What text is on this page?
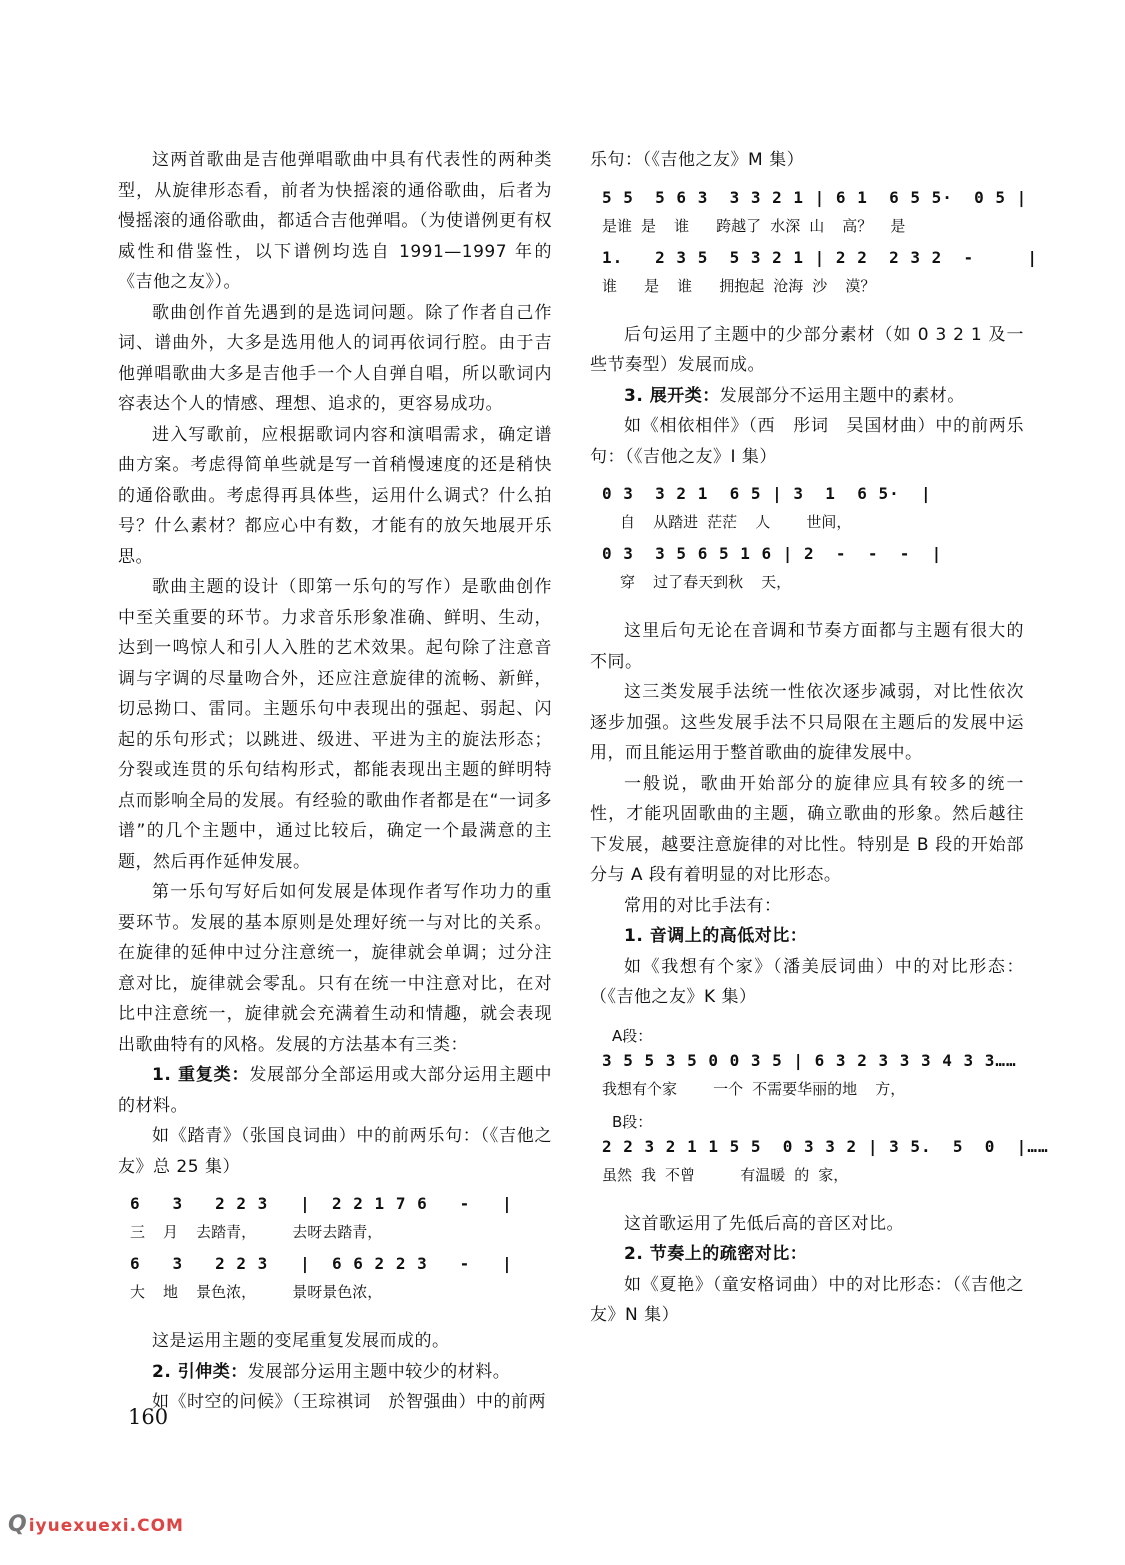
这两首歌曲是吉他弹唱歌曲中具有代表性的两种类型，从旋律形态看，前者为快摇滚的通俗歌曲，后者为慢摇滚的通俗歌曲，都适合吉他弹唱。（为使谱例更有权威性和借鉴性，以下谱例均选自 1991—1997 年的《吉他之友》）。

歌曲创作首先遇到的是选词问题。除了作者自己作词、谱曲外，大多是选用他人的词再依词行腔。由于吉他弹唱歌曲大多是吉他手一个人自弹自唱，所以歌词内容表达个人的情感、理想、追求的，更容易成功。

进入写歌前，应根据歌词内容和演唱需求，确定谱曲方案。考虑得简单些就是写一首稍慢速度的还是稍快的通俗歌曲。考虑得再具体些，运用什么调式？什么拍号？什么素材？都应心中有数，才能有的放矢地展开乐思。

歌曲主题的设计（即第一乐句的写作）是歌曲创作中至关重要的环节。力求音乐形象准确、鲜明、生动，达到一鸣惊人和引人入胜的艺术效果。起句除了注意音调与字调的尽量吻合外，还应注意旋律的流畅、新鲜，切忌拗口、雷同。主题乐句中表现出的强起、弱起、闪起的乐句形式；以跳进、级进、平进为主的旋法形态；分裂或连贯的乐句结构形式，都能表现出主题的鲜明特点而影响全局的发展。有经验的歌曲作者都是在“一词多谱”的几个主题中，通过比较后，确定一个最满意的主题，然后再作延伸发展。

第一乐句写好后如何发展是体现作者写作功力的重要环节。发展的基本原则是处理好统一与对比的关系。在旋律的延伸中过分注意统一，旋律就会单调；过分注意对比，旋律就会零乱。只有在统一中注意对比，在对比中注意统一，旋律就会充满着生动和情趣，就会表现出歌曲特有的风格。发展的方法基本有三类：

1. 重复类：发展部分全部运用或大部分运用主题中的材料。

如《踏青》（张国良词曲）中的前两乐句：（《吉他之友》总 25 集）

6   3   2 2 3   |  2 2 1 7 6   -   |
三  月  去踏青，    去呀去踏青，
6   3   2 2 3   |  6 6 2 2 3   -   |
大  地  景色浓，    景呀景色浓，

这是运用主题的变尾重复发展而成的。

2. 引伸类：发展部分运用主题中较少的材料。

如《时空的问候》（王琮祺词　於智强曲）中的前两

乐句：（《吉他之友》M 集）

5 5  5 6 3  3 3 2 1 | 6 1  6 5 5·  0 5 |
是谁 是  谁   跨越了 水深 山  高？  是
1.   2 3 5  5 3 2 1 | 2 2  2 3 2  -     |
谁   是  谁   拥抱起 沧海 沙  漠？

后句运用了主题中的少部分素材（如 0 3 2 1 及一些节奏型）发展而成。

3. 展开类：发展部分不运用主题中的素材。

如《相依相伴》（西　彤词　吴国材曲）中的前两乐句：（《吉他之友》I 集）

0 3  3 2 1  6 5 | 3  1  6 5·  |
自  从踏进 茫茫  人    世间，
0 3  3 5 6 5 1 6 | 2  -  -  -  |
穿  过了春天到秋  天，

这里后句无论在音调和节奏方面都与主题有很大的不同。

这三类发展手法统一性依次逐步减弱，对比性依次逐步加强。这些发展手法不只局限在主题后的发展中运用，而且能运用于整首歌曲的旋律发展中。

一般说，歌曲开始部分的旋律应具有较多的统一性，才能巩固歌曲的主题，确立歌曲的形象。然后越往下发展，越要注意旋律的对比性。特别是 B 段的开始部分与 A 段有着明显的对比形态。

常用的对比手法有：

1. 音调上的高低对比：

如《我想有个家》（潘美辰词曲）中的对比形态：（《吉他之友》K 集）

A段：
3 5 5 3 5 0 0 3 5 | 6 3 2 3 3 3 4 3 3……
我想有个家    一个 不需要华丽的地  方，
B段：
2 2 3 2 1 1 5 5  0 3 3 2 | 3 5.  5  0  |……
虽然 我 不曾     有温暖 的 家，

这首歌运用了先低后高的音区对比。

2. 节奏上的疏密对比：

如《夏艳》（童安格词曲）中的对比形态：（《吉他之友》N 集）

160
Qiyuexuexi.COM
